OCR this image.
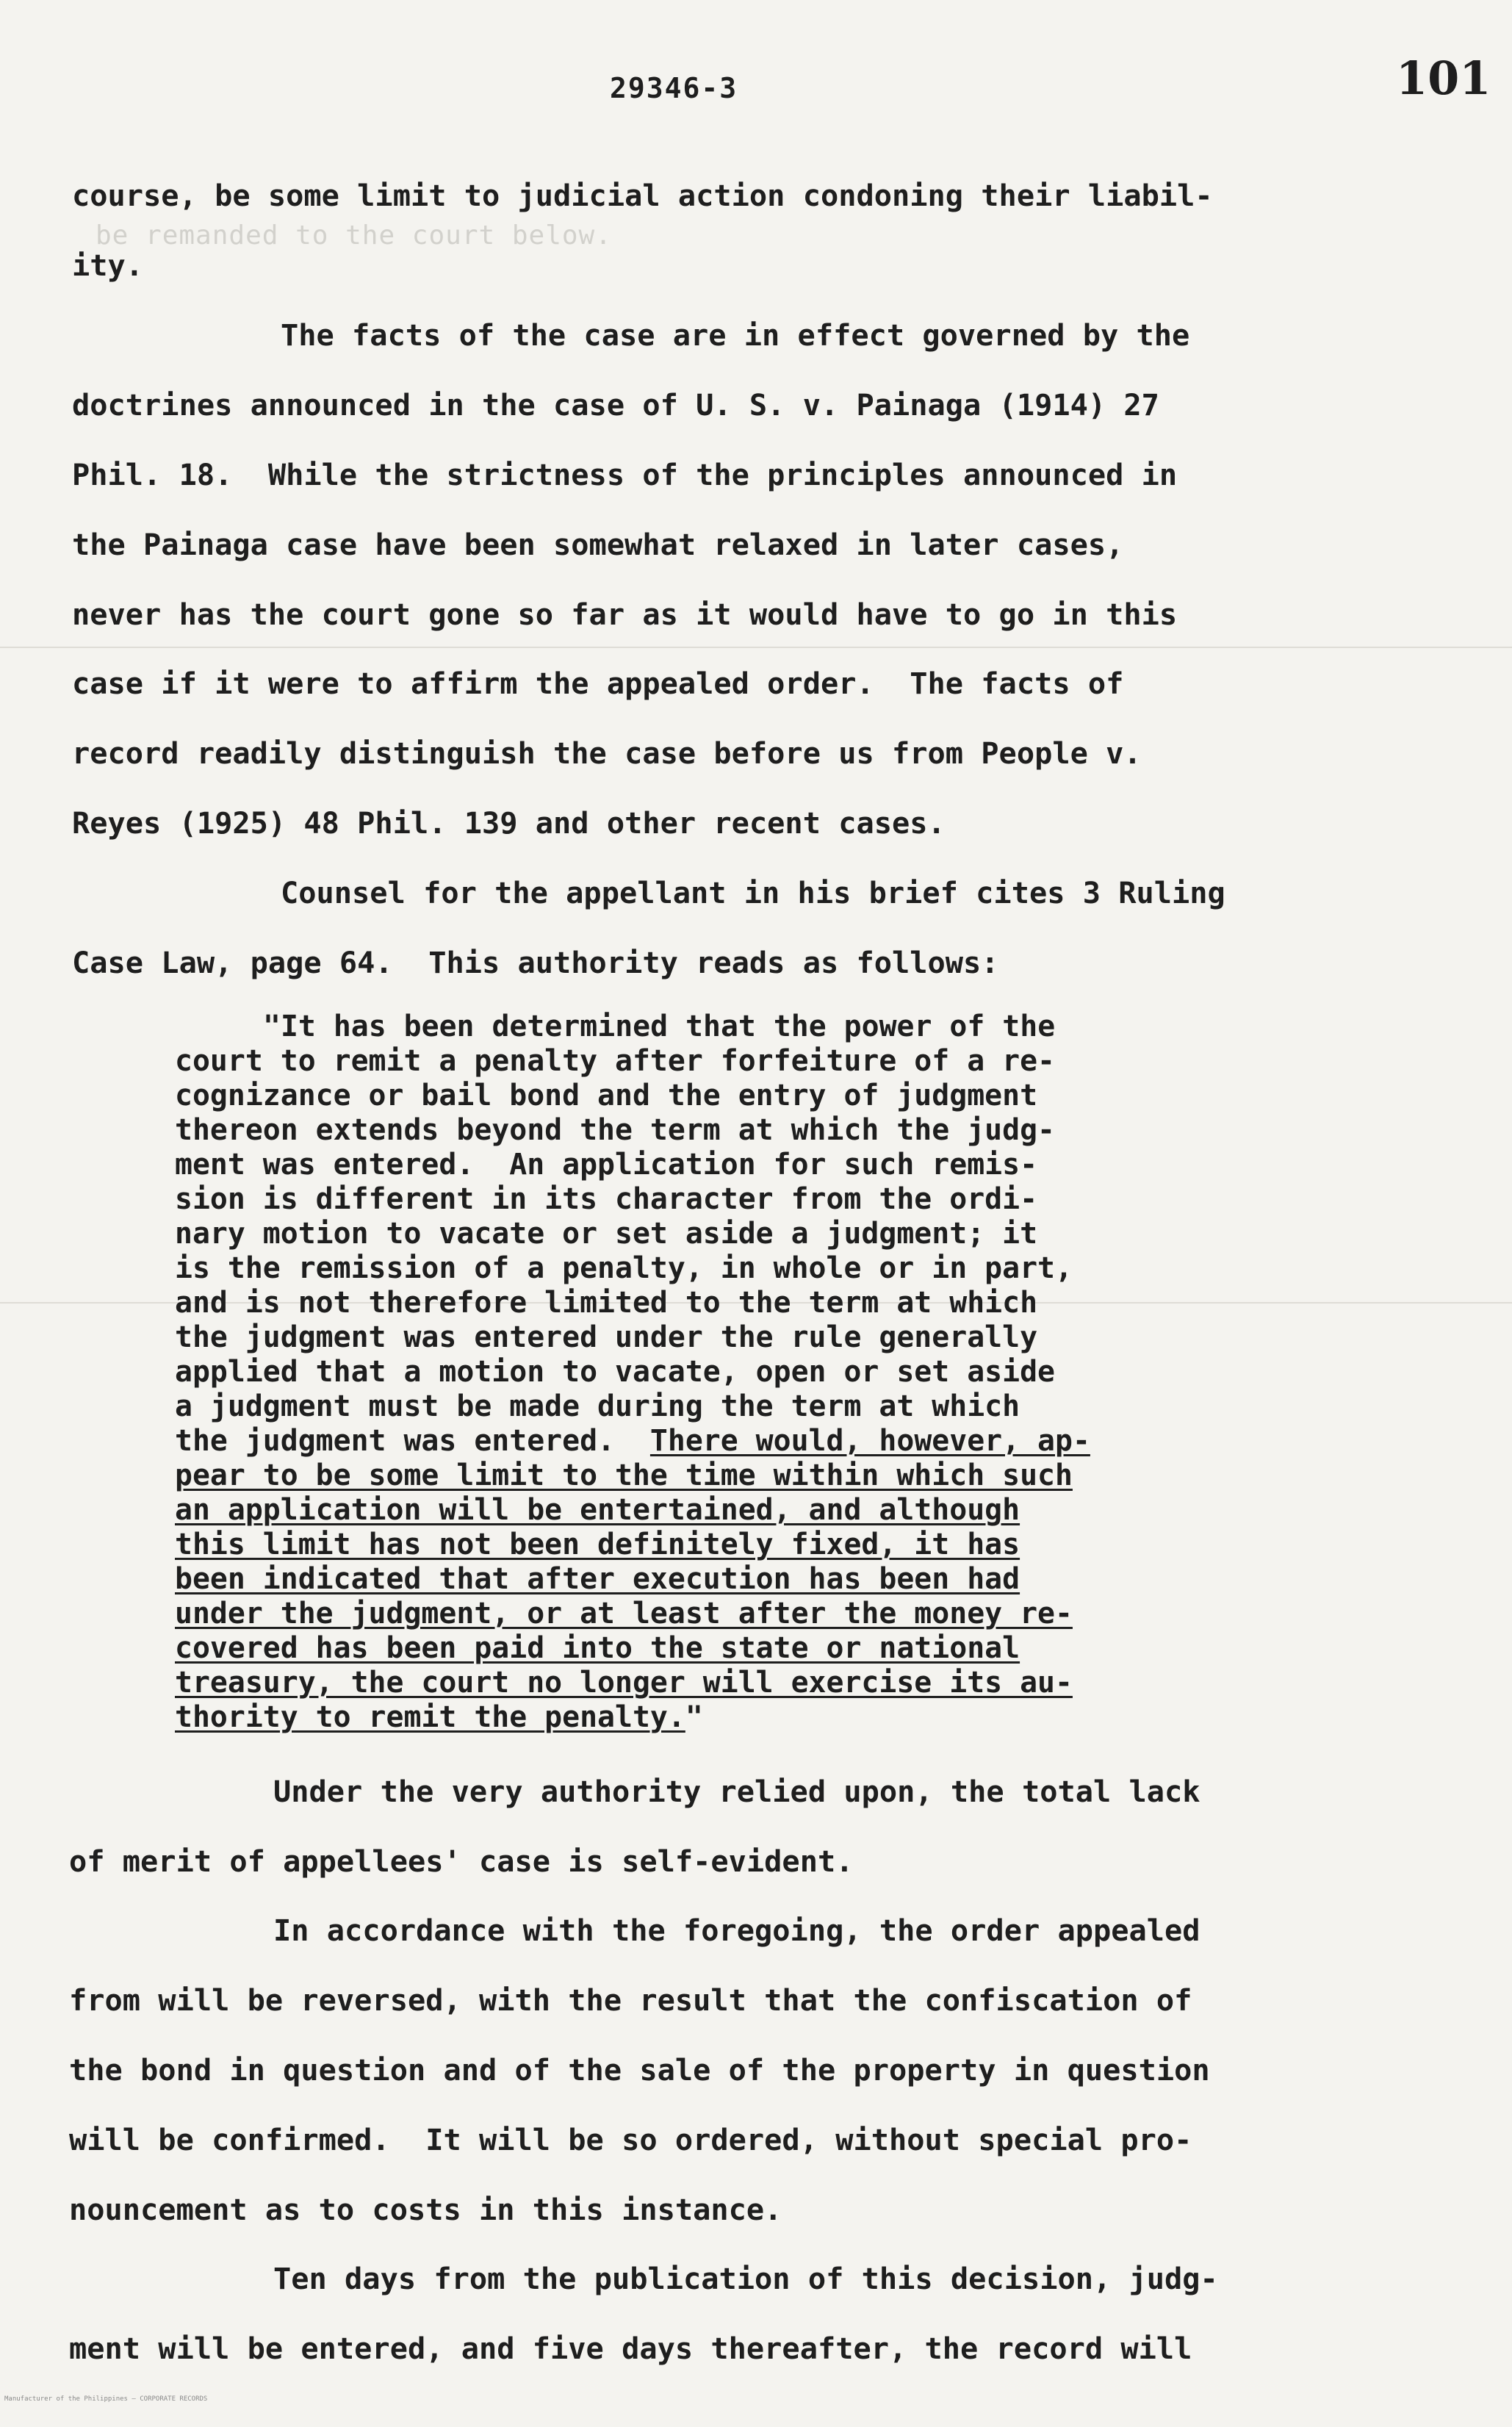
be remanded to the court below.
29346-3	101
course, be some limit to judicial action condoning their liabil-
ity.
The facts of the case are in effect governed by the
doctrines announced in the case of U. S. v. Painaga (1914) 27
Phil. 18.  While the strictness of the principles announced in
the Painaga case have been somewhat relaxed in later cases,
never has the court gone so far as it would have to go in this
case if it were to affirm the appealed order.  The facts of
record readily distinguish the case before us from People v.
Reyes (1925) 48 Phil. 139 and other recent cases.
Counsel for the appellant in his brief cites 3 Ruling
Case Law, page 64.  This authority reads as follows:
"It has been determined that the power of the
court to remit a penalty after forfeiture of a re-
cognizance or bail bond and the entry of judgment
thereon extends beyond the term at which the judg-
ment was entered.  An application for such remis-
sion is different in its character from the ordi-
nary motion to vacate or set aside a judgment; it
is the remission of a penalty, in whole or in part,
and is not therefore limited to the term at which
the judgment was entered under the rule generally
applied that a motion to vacate, open or set aside
a judgment must be made during the term at which
the judgment was entered.  There would, however, ap-
pear to be some limit to the time within which such
an application will be entertained, and although
this limit has not been definitely fixed, it has
been indicated that after execution has been had
under the judgment, or at least after the money re-
covered has been paid into the state or national
treasury, the court no longer will exercise its au-
thority to remit the penalty."
Under the very authority relied upon, the total lack
of merit of appellees' case is self-evident.
In accordance with the foregoing, the order appealed
from will be reversed, with the result that the confiscation of
the bond in question and of the sale of the property in question
will be confirmed.  It will be so ordered, without special pro-
nouncement as to costs in this instance.
Ten days from the publication of this decision, judg-
ment will be entered, and five days thereafter, the record will
Manufacturer of the Philippines – CORPORATE RECORDS
